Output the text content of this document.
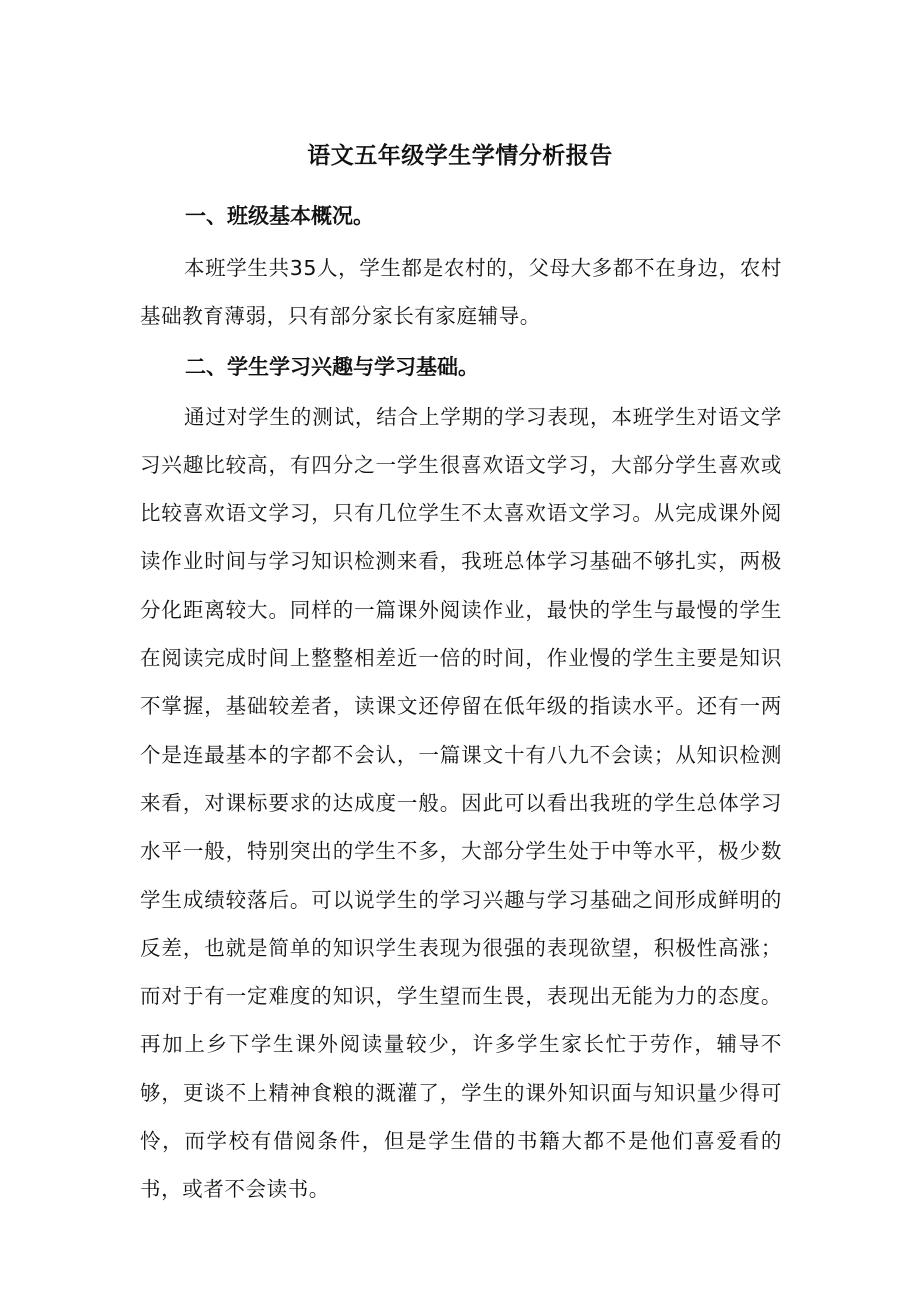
语文五年级学生学情分析报告
一、班级基本概况。

本班学生共35人，学生都是农村的，父母大多都不在身边，农村基础教育薄弱，只有部分家长有家庭辅导。

二、学生学习兴趣与学习基础。

通过对学生的测试，结合上学期的学习表现，本班学生对语文学习兴趣比较高，有四分之一学生很喜欢语文学习，大部分学生喜欢或比较喜欢语文学习，只有几位学生不太喜欢语文学习。从完成课外阅读作业时间与学习知识检测来看，我班总体学习基础不够扎实，两极分化距离较大。同样的一篇课外阅读作业，最快的学生与最慢的学生在阅读完成时间上整整相差近一倍的时间，作业慢的学生主要是知识不掌握，基础较差者，读课文还停留在低年级的指读水平。还有一两个是连最基本的字都不会认，一篇课文十有八九不会读；从知识检测来看，对课标要求的达成度一般。因此可以看出我班的学生总体学习水平一般，特别突出的学生不多，大部分学生处于中等水平，极少数学生成绩较落后。可以说学生的学习兴趣与学习基础之间形成鲜明的反差，也就是简单的知识学生表现为很强的表现欲望，积极性高涨；而对于有一定难度的知识，学生望而生畏，表现出无能为力的态度。再加上乡下学生课外阅读量较少，许多学生家长忙于劳作，辅导不够，更谈不上精神食粮的溉灌了，学生的课外知识面与知识量少得可怜，而学校有借阅条件，但是学生借的书籍大都不是他们喜爱看的书，或者不会读书。
